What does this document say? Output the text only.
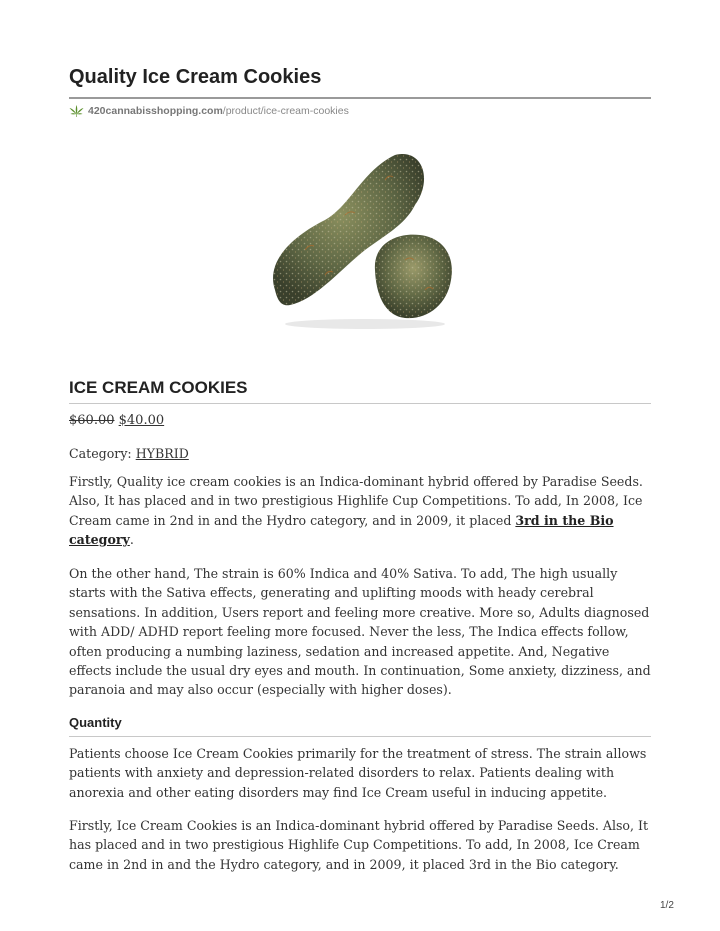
Quality Ice Cream Cookies
420cannabisshopping.com /product/ice-cream-cookies
ICE CREAM COOKIES
$60.00 $40.00
Category: HYBRID

Firstly, Quality ice cream cookies is an Indica-dominant hybrid offered by Paradise Seeds. Also, It has placed and in two prestigious Highlife Cup Competitions. To add, In 2008, Ice Cream came in 2nd in and the Hydro category, and in 2009, it placed 3rd in the Bio category.

On the other hand, The strain is 60% Indica and 40% Sativa. To add, The high usually starts with the Sativa effects, generating and uplifting moods with heady cerebral sensations. In addition, Users report and feeling more creative. More so, Adults diagnosed with ADD/ ADHD report feeling more focused. Never the less, The Indica effects follow, often producing a numbing laziness, sedation and increased appetite. And, Negative effects include the usual dry eyes and mouth. In continuation, Some anxiety, dizziness, and paranoia and may also occur (especially with higher doses).

Quantity

Patients choose Ice Cream Cookies primarily for the treatment of stress. The strain allows patients with anxiety and depression-related disorders to relax. Patients dealing with anorexia and other eating disorders may find Ice Cream useful in inducing appetite.

Firstly, Ice Cream Cookies is an Indica-dominant hybrid offered by Paradise Seeds. Also, It has placed and in two prestigious Highlife Cup Competitions. To add, In 2008, Ice Cream came in 2nd in and the Hydro category, and in 2009, it placed 3rd in the Bio category.

1/2
